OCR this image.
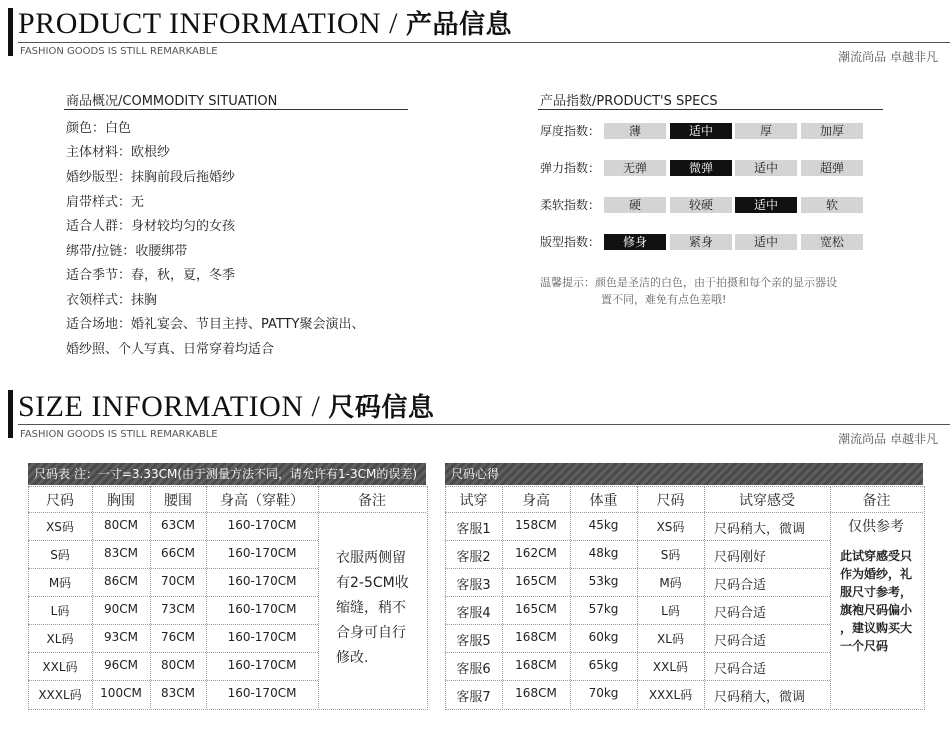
PRODUCT INFORMATION / 产品信息
FASHION GOODS IS STILL REMARKABLE	潮流尚品 卓越非凡
商品概况/COMMODITY SITUATION
颜色：白色
主体材料：欧根纱
婚纱版型：抹胸前段后拖婚纱
肩带样式：无
适合人群：身材较均匀的女孩
绑带/拉链：收腰绑带
适合季节：春，秋，夏，冬季
衣领样式：抹胸
适合场地：婚礼宴会、节目主持、PATTY聚会演出、
婚纱照、个人写真、日常穿着均适合
产品指数/PRODUCT'S SPECS
厚度指数：	薄	适中	厚	加厚
弹力指数：	无弹	微弹	适中	超弹
柔软指数：	硬	较硬	适中	软
版型指数：	修身	紧身	适中	宽松
温馨提示：颜色是圣洁的白色，由于拍摄和每个亲的显示器设
置不同，难免有点色差哦!
SIZE INFORMATION / 尺码信息
FASHION GOODS IS STILL REMARKABLE	潮流尚品 卓越非凡
尺码表 注：一寸=3.33CM(由于测量方法不同，请允许有1-3CM的误差)
尺码	胸围	腰围	身高（穿鞋）	备注
XS码	80CM	63CM	160-170CM
S码	83CM	66CM	160-170CM
M码	86CM	70CM	160-170CM
L码	90CM	73CM	160-170CM
XL码	93CM	76CM	160-170CM
XXL码	96CM	80CM	160-170CM
XXXL码	100CM	83CM	160-170CM
衣服两侧留
有2-5CM收
缩缝，稍不
合身可自行
修改.
尺码心得
试穿	身高	体重	尺码	试穿感受	备注
客服1	158CM	45kg	XS码	尺码稍大，微调
客服2	162CM	48kg	S码	尺码刚好
客服3	165CM	53kg	M码	尺码合适
客服4	165CM	57kg	L码	尺码合适
客服5	168CM	60kg	XL码	尺码合适
客服6	168CM	65kg	XXL码	尺码合适
客服7	168CM	70kg	XXXL码	尺码稍大，微调
仅供参考
此试穿感受只
作为婚纱，礼
服尺寸参考，
旗袍尺码偏小
，建议购买大
一个尺码
